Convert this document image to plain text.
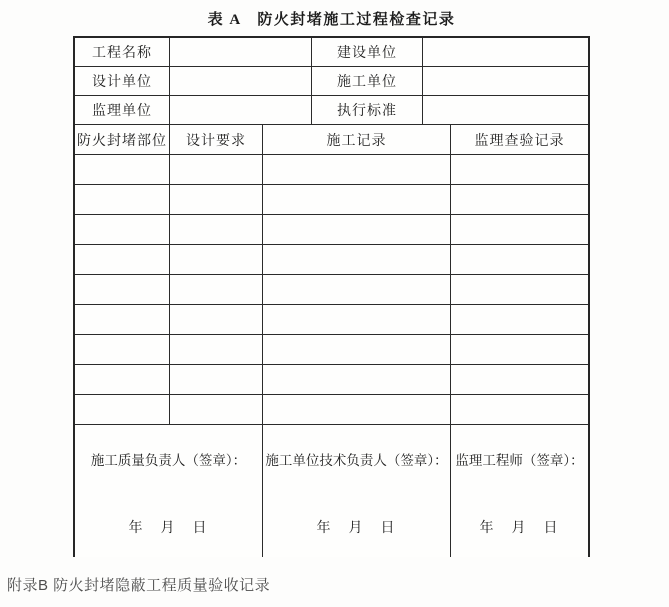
表 A　防火封堵施工过程检查记录
工程名称	建设单位
设计单位	施工单位
监理单位	执行标准
防火封堵部位	设计要求	施工记录	监理查验记录
施工质量负责人（签章）：
年　月　日
施工单位技术负责人（签章）：
年　月　日
监理工程师（签章）：
年　月　日
附录B 防火封堵隐蔽工程质量验收记录
